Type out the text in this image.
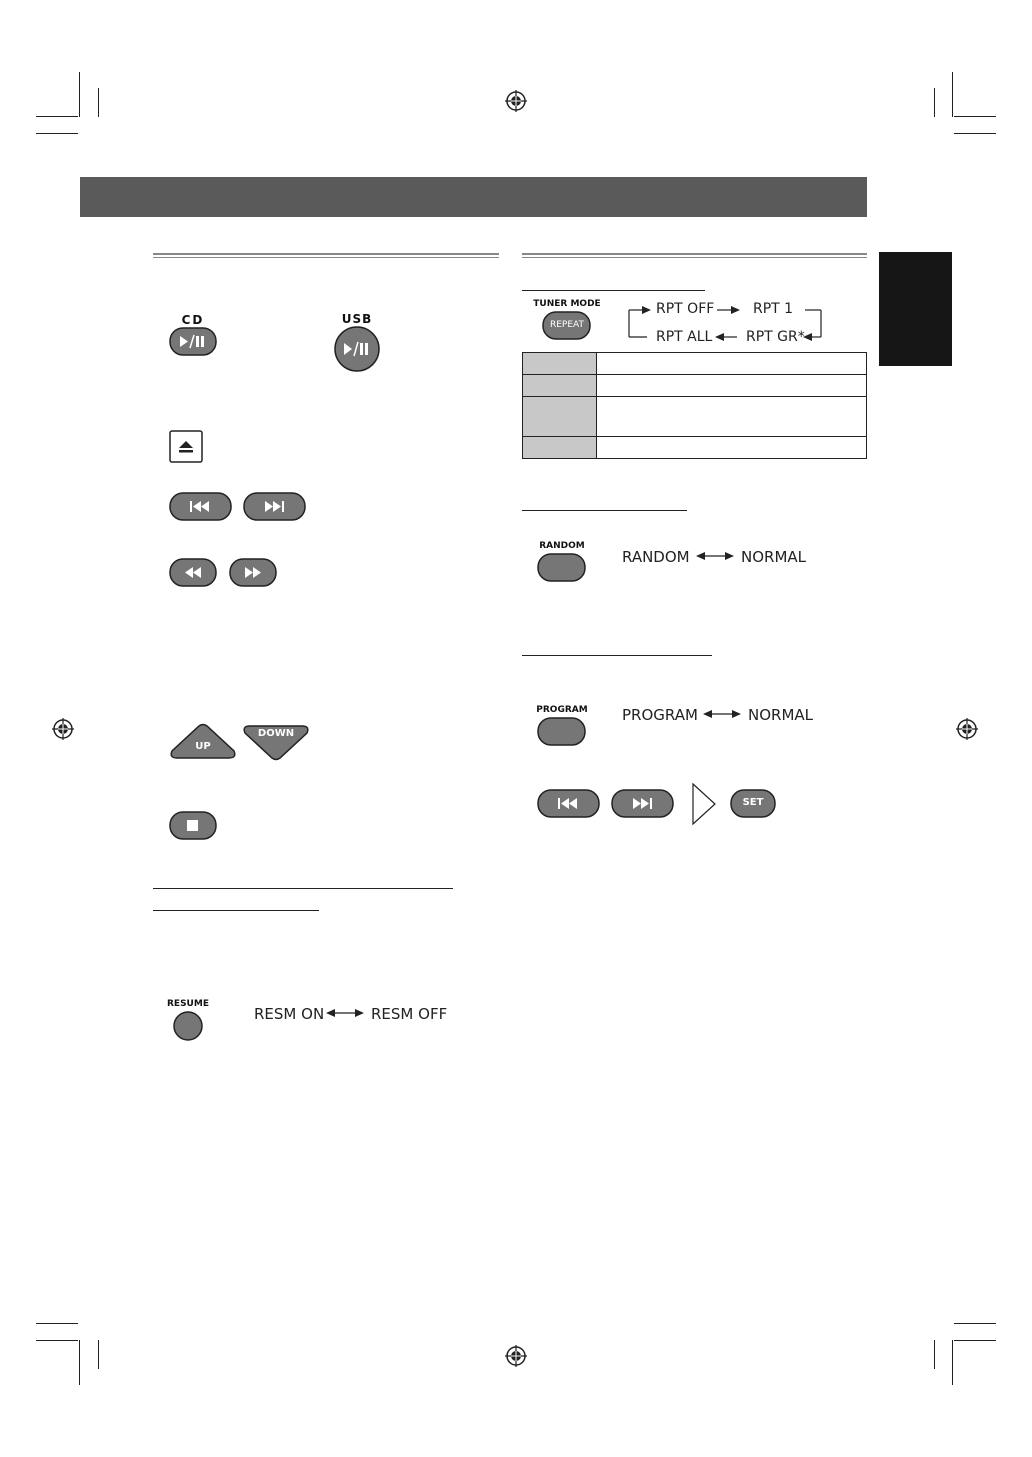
CD	USB
UP
DOWN
RESUME
RESM ON	RESM OFF
TUNER MODE
REPEAT
RPT OFF	RPT 1
RPT ALL RPT GR*

RANDOM
RANDOM	NORMAL
PROGRAM	PROGRAM	NORMAL
SET
